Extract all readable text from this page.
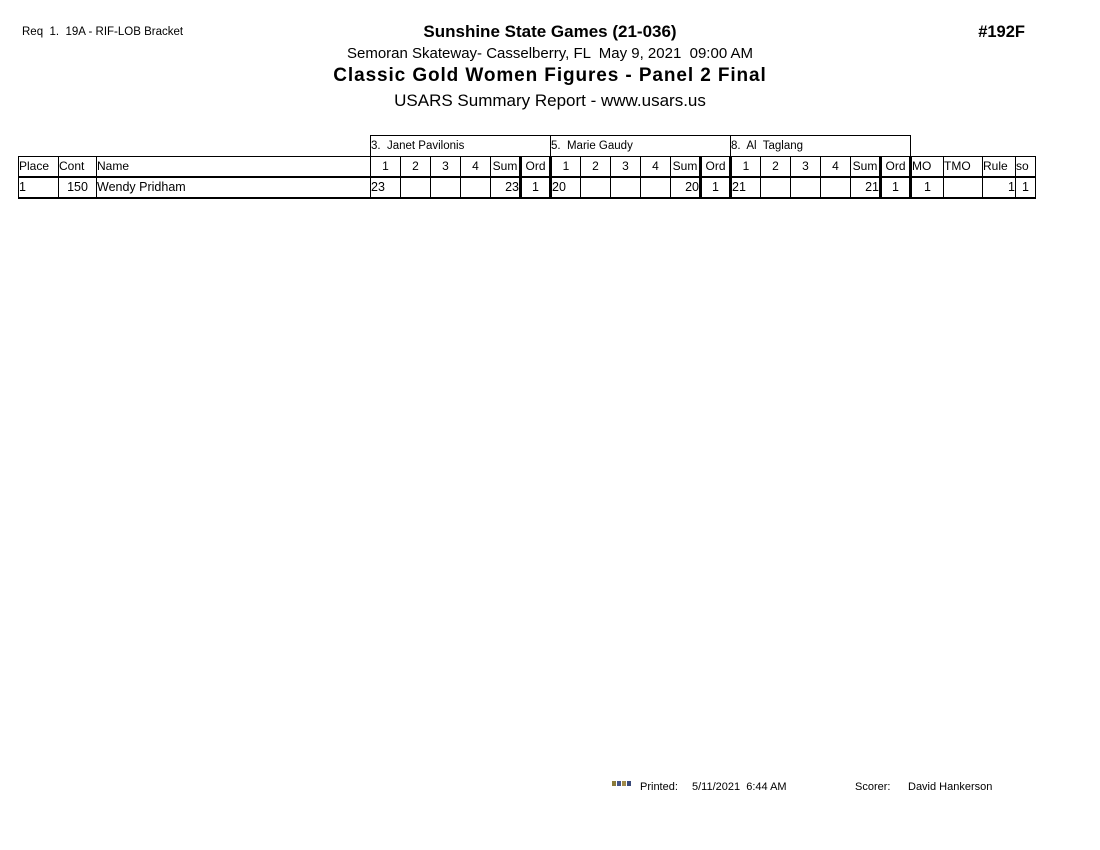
Req  1.  19A - RIF-LOB Bracket	#192F
Sunshine State Games (21-036)
Semoran Skateway- Casselberry, FL  May 9, 2021  09:00 AM
Classic Gold Women Figures - Panel 2 Final
USARS Summary Report - www.usars.us
			3.  Janet Pavilonis						5.  Marie Gaudy						8.  Al  Taglang									
Place	Cont	Name	1	2	3	4	Sum	Ord	1	2	3	4	Sum	Ord	1	2	3	4	Sum	Ord	MO	TMO	Rule	so
1	150	Wendy Pridham	23				23	1	20				20	1	21				21	1	1		1	1
Printed: 5/11/2021  6:44 AM	Scorer: David Hankerson
